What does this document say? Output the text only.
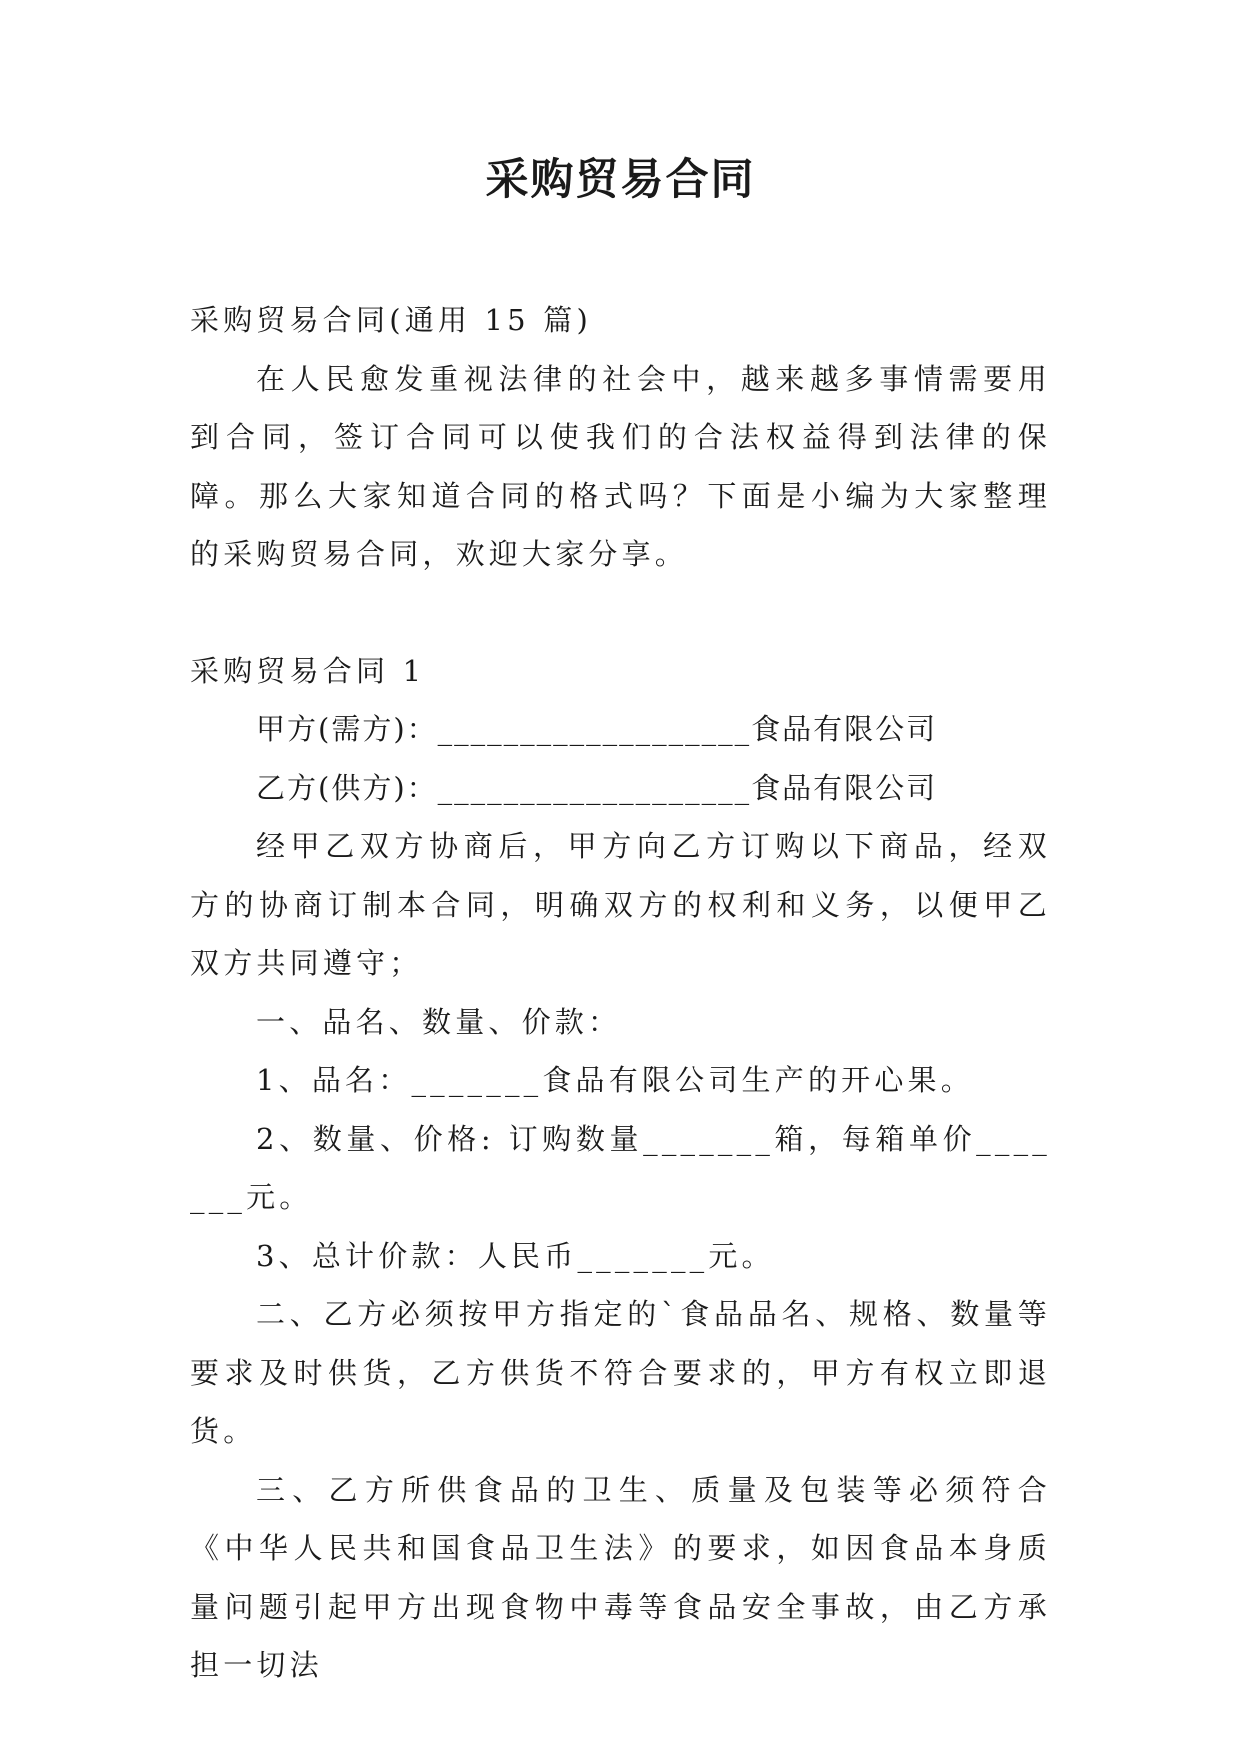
采购贸易合同

采购贸易合同(通用 15 篇)

在人民愈发重视法律的社会中，越来越多事情需要用到合同，签订合同可以使我们的合法权益得到法律的保障。那么大家知道合同的格式吗？下面是小编为大家整理的采购贸易合同，欢迎大家分享。

采购贸易合同 1

甲方(需方)：___________________食品有限公司

乙方(供方)：___________________食品有限公司

经甲乙双方协商后，甲方向乙方订购以下商品，经双方的协商订制本合同，明确双方的权利和义务，以便甲乙双方共同遵守；

一、品名、数量、价款：

1、品名：_______食品有限公司生产的开心果。

2、数量、价格: 订购数量_______箱，每箱单价_______元。

3、总计价款：人民币_______元。

二、乙方必须按甲方指定的`食品品名、规格、数量等要求及时供货，乙方供货不符合要求的，甲方有权立即退货。

三、乙方所供食品的卫生、质量及包装等必须符合《中华人民共和国食品卫生法》的要求，如因食品本身质量问题引起甲方出现食物中毒等食品安全事故，由乙方承担一切法
